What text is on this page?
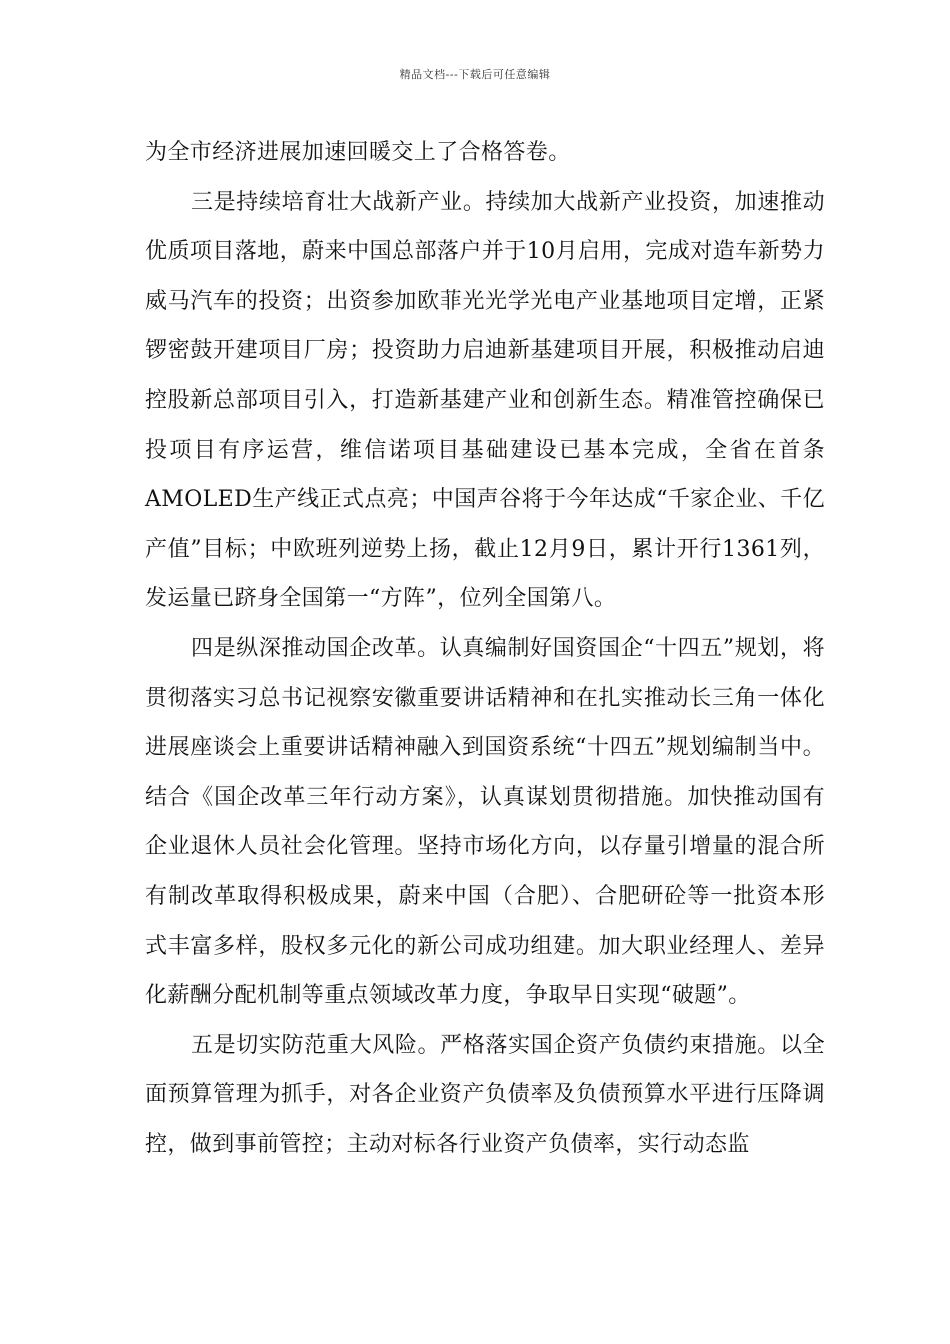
精品文档---下载后可任意编辑

为全市经济进展加速回暖交上了合格答卷。

三是持续培育壮大战新产业。持续加大战新产业投资，加速推动优质项目落地，蔚来中国总部落户并于10月启用，完成对造车新势力威马汽车的投资；出资参加欧菲光光学光电产业基地项目定增，正紧锣密鼓开建项目厂房；投资助力启迪新基建项目开展，积极推动启迪控股新总部项目引入，打造新基建产业和创新生态。精准管控确保已投项目有序运营，维信诺项目基础建设已基本完成，全省在首条AMOLED生产线正式点亮；中国声谷将于今年达成“千家企业、千亿产值”目标；中欧班列逆势上扬，截止12月9日，累计开行1361列，发运量已跻身全国第一“方阵”，位列全国第八。

四是纵深推动国企改革。认真编制好国资国企“十四五”规划，将贯彻落实习总书记视察安徽重要讲话精神和在扎实推动长三角一体化进展座谈会上重要讲话精神融入到国资系统“十四五”规划编制当中。结合《国企改革三年行动方案》，认真谋划贯彻措施。加快推动国有企业退休人员社会化管理。坚持市场化方向，以存量引增量的混合所有制改革取得积极成果，蔚来中国（合肥）、合肥研砼等一批资本形式丰富多样，股权多元化的新公司成功组建。加大职业经理人、差异化薪酬分配机制等重点领域改革力度，争取早日实现“破题”。

五是切实防范重大风险。严格落实国企资产负债约束措施。以全面预算管理为抓手，对各企业资产负债率及负债预算水平进行压降调控，做到事前管控；主动对标各行业资产负债率，实行动态监
